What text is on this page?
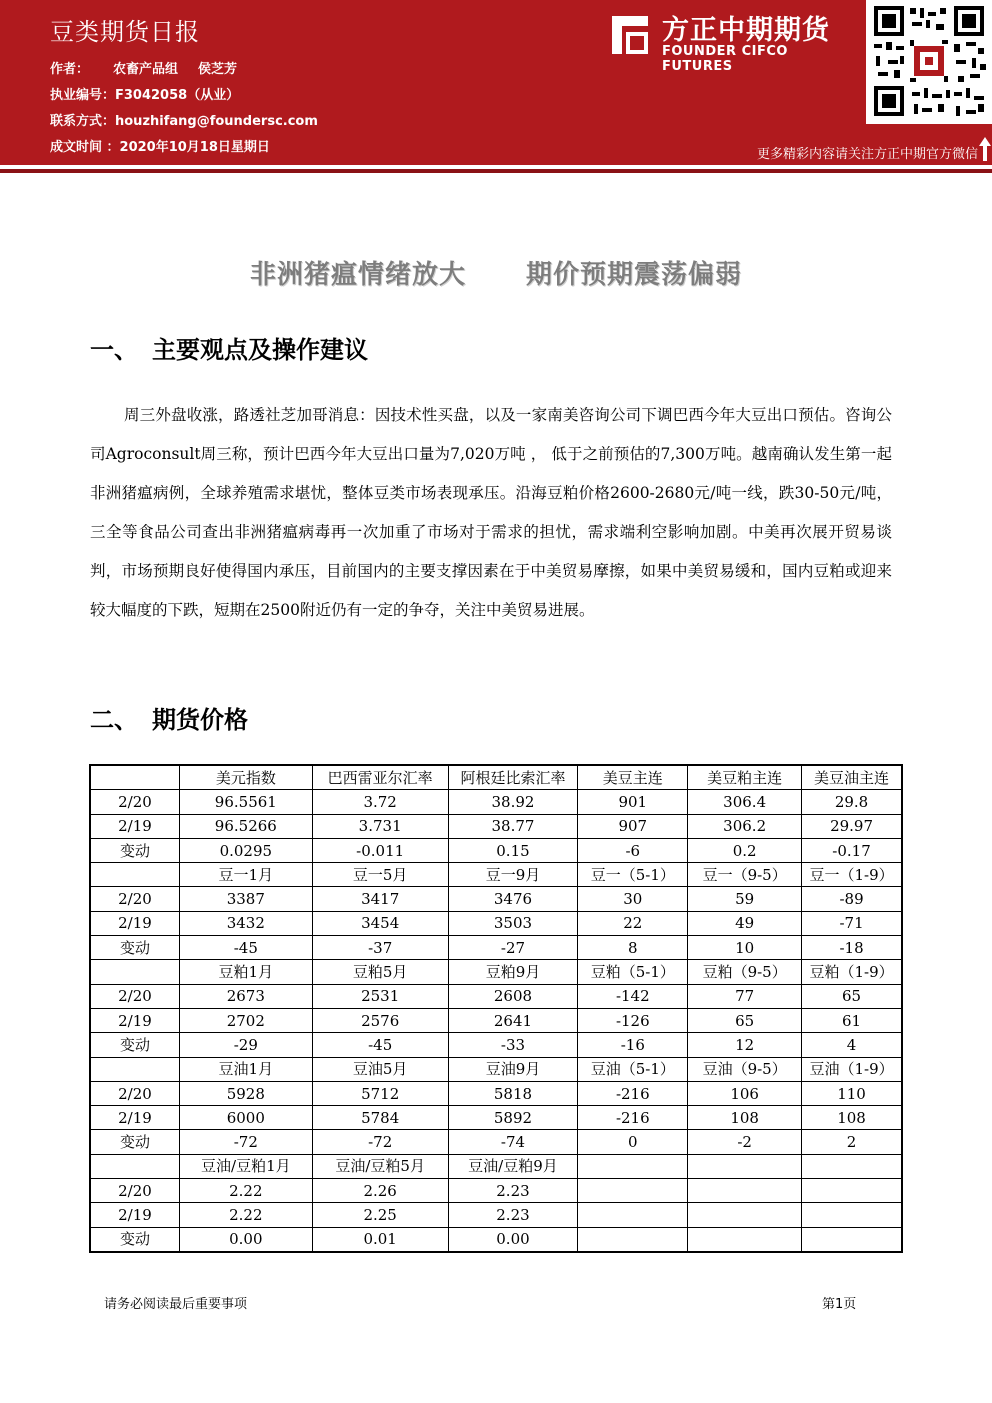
豆类期货日报
作者： 农畜产品组 侯芝芳
执业编号：F3042058（从业）
联系方式：houzhifang@foundersc.com
成文时间 ：2020年10月18日星期日
方正中期期货
FOUNDER CIFCO FUTURES
更多精彩内容请关注方正中期官方微信
非洲猪瘟情绪放大 期价预期震荡偏弱
一、 主要观点及操作建议
周三外盘收涨，路透社芝加哥消息：因技术性买盘，以及一家南美咨询公司下调巴西今年大豆出口预估。咨询公司Agroconsult周三称，预计巴西今年大豆出口量为7,020万吨 ， 低于之前预估的7,300万吨。越南确认发生第一起非洲猪瘟病例，全球养殖需求堪忧，整体豆类市场表现承压。沿海豆粕价格2600-2680元/吨一线，跌30-50元/吨，三全等食品公司查出非洲猪瘟病毒再一次加重了市场对于需求的担忧，需求端利空影响加剧。中美再次展开贸易谈判，市场预期良好使得国内承压，目前国内的主要支撑因素在于中美贸易摩擦，如果中美贸易缓和，国内豆粕或迎来较大幅度的下跌，短期在2500附近仍有一定的争夺，关注中美贸易进展。
二、 期货价格
	美元指数	巴西雷亚尔汇率	阿根廷比索汇率	美豆主连	美豆粕主连	美豆油主连
2/20	96.5561	3.72	38.92	901	306.4	29.8
2/19	96.5266	3.731	38.77	907	306.2	29.97
变动	0.0295	-0.011	0.15	-6	0.2	-0.17
	豆一1月	豆一5月	豆一9月	豆一（5-1）	豆一（9-5）	豆一（1-9）
2/20	3387	3417	3476	30	59	-89
2/19	3432	3454	3503	22	49	-71
变动	-45	-37	-27	8	10	-18
	豆粕1月	豆粕5月	豆粕9月	豆粕（5-1）	豆粕（9-5）	豆粕（1-9）
2/20	2673	2531	2608	-142	77	65
2/19	2702	2576	2641	-126	65	61
变动	-29	-45	-33	-16	12	4
	豆油1月	豆油5月	豆油9月	豆油（5-1）	豆油（9-5）	豆油（1-9）
2/20	5928	5712	5818	-216	106	110
2/19	6000	5784	5892	-216	108	108
变动	-72	-72	-74	0	-2	2
	豆油/豆粕1月	豆油/豆粕5月	豆油/豆粕9月			
2/20	2.22	2.26	2.23			
2/19	2.22	2.25	2.23			
变动	0.00	0.01	0.00			
请务必阅读最后重要事项	第1页
